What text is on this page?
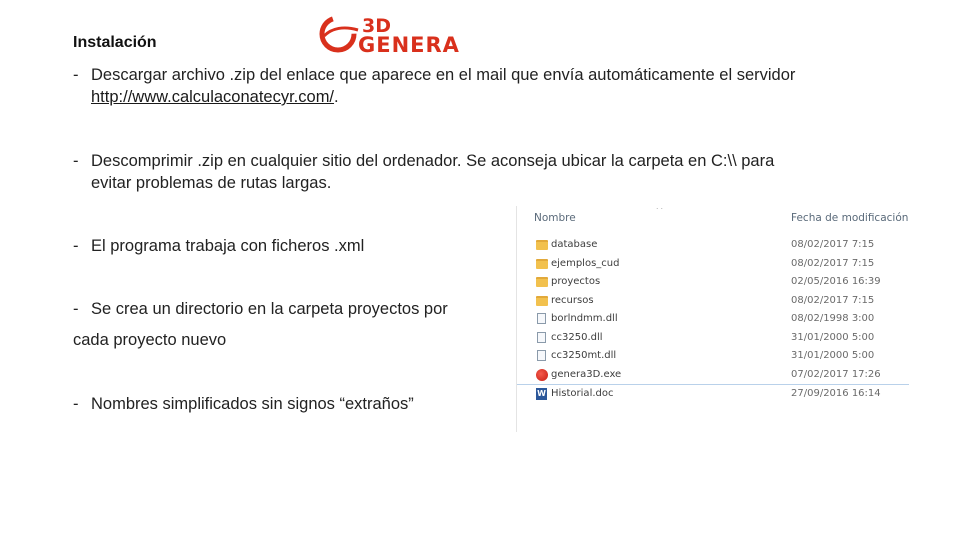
Instalación
3D
GENERA
- Descargar archivo .zip del enlace que aparece en el mail que envía automáticamente el servidor
http://www.calculaconatecyr.com/.
- Descomprimir .zip en cualquier sitio del ordenador. Se aconseja ubicar la carpeta en C:\\ para
evitar problemas de rutas largas.
- El programa trabaja con ficheros .xml
- Se crea un directorio en la carpeta proyectos por
cada proyecto nuevo
- Nombres simplificados sin signos “extraños”
Nombre	˙˙	Fecha de modificación
database	08/02/2017 7:15
ejemplos_cud	08/02/2017 7:15
proyectos	02/05/2016 16:39
recursos	08/02/2017 7:15
borlndmm.dll	08/02/1998 3:00
cc3250.dll	31/01/2000 5:00
cc3250mt.dll	31/01/2000 5:00
genera3D.exe	07/02/2017 17:26
W Historial.doc	27/09/2016 16:14
